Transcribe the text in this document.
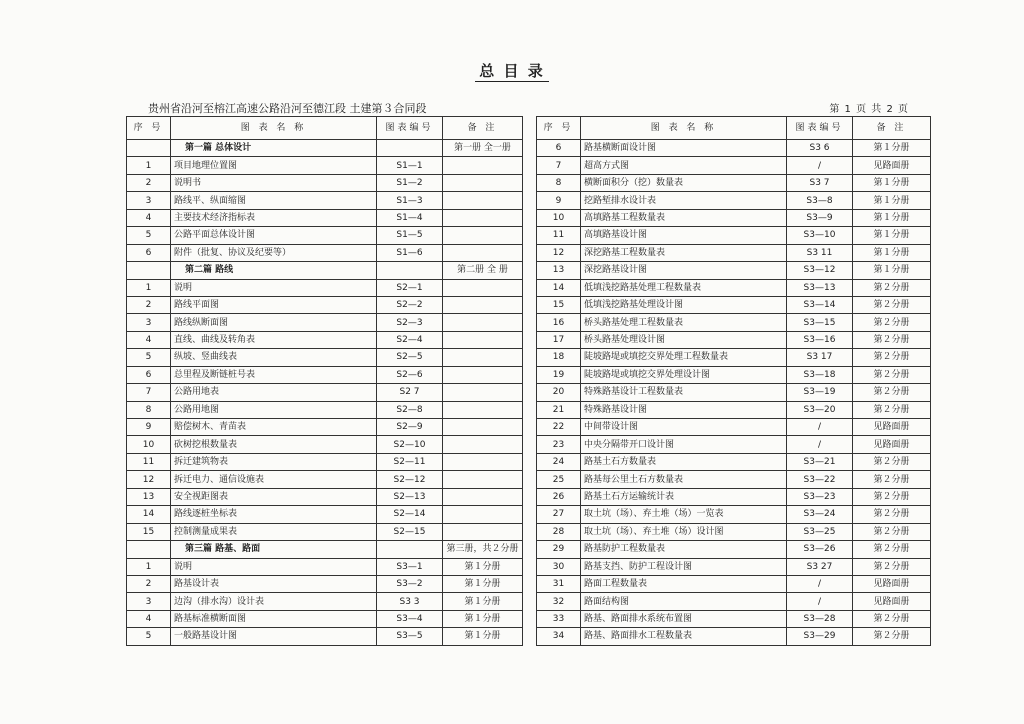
总 目 录
贵州省沿河至榕江高速公路沿河至德江段 土建第３合同段	第 1 页 共 2 页
序 号	图 表 名 称	图表编号	备 注
	第一篇 总体设计		第一册 全一册
1	项目地理位置图	S1—1	
2	说明书	S1—2	
3	路线平、纵面缩图	S1—3	
4	主要技术经济指标表	S1—4	
5	公路平面总体设计图	S1—5	
6	附件（批复、协议及纪要等）	S1—6	
	第二篇 路线		第二册 全 册
1	说明	S2—1	
2	路线平面图	S2—2	
3	路线纵断面图	S2—3	
4	直线、曲线及转角表	S2—4	
5	纵坡、竖曲线表	S2—5	
6	总里程及断链桩号表	S2—6	
7	公路用地表	S2 7	
8	公路用地图	S2—8	
9	赔偿树木、青苗表	S2—9	
10	砍树挖根数量表	S2—10	
11	拆迁建筑物表	S2—11	
12	拆迁电力、通信设施表	S2—12	
13	安全视距图表	S2—13	
14	路线逐桩坐标表	S2—14	
15	控制测量成果表	S2—15	
	第三篇 路基、路面		第三册，共２分册
1	说明	S3—1	第１分册
2	路基设计表	S3—2	第１分册
3	边沟（排水沟）设计表	S3 3	第１分册
4	路基标准横断面图	S3—4	第１分册
5	一般路基设计图	S3—5	第１分册
序 号	图 表 名 称	图表编号	备 注
6	路基横断面设计图	S3 6	第１分册
7	超高方式图	/	见路面册
8	横断面积分（挖）数量表	S3 7	第１分册
9	挖路堑排水设计表	S3—8	第１分册
10	高填路基工程数量表	S3—9	第１分册
11	高填路基设计图	S3—10	第１分册
12	深挖路基工程数量表	S3 11	第１分册
13	深挖路基设计图	S3—12	第１分册
14	低填浅挖路基处理工程数量表	S3—13	第２分册
15	低填浅挖路基处理设计图	S3—14	第２分册
16	桥头路基处理工程数量表	S3—15	第２分册
17	桥头路基处理设计图	S3—16	第２分册
18	陡坡路堤或填挖交界处理工程数量表	S3 17	第２分册
19	陡坡路堤或填挖交界处理设计图	S3—18	第２分册
20	特殊路基设计工程数量表	S3—19	第２分册
21	特殊路基设计图	S3—20	第２分册
22	中间带设计图	/	见路面册
23	中央分隔带开口设计图	/	见路面册
24	路基土石方数量表	S3—21	第２分册
25	路基每公里土石方数量表	S3—22	第２分册
26	路基土石方运输统计表	S3—23	第２分册
27	取土坑（场）、弃土堆（场）一览表	S3—24	第２分册
28	取土坑（场）、弃土堆（场）设计图	S3—25	第２分册
29	路基防护工程数量表	S3—26	第２分册
30	路基支挡、防护工程设计图	S3 27	第２分册
31	路面工程数量表	/	见路面册
32	路面结构图	/	见路面册
33	路基、路面排水系统布置图	S3—28	第２分册
34	路基、路面排水工程数量表	S3—29	第２分册
